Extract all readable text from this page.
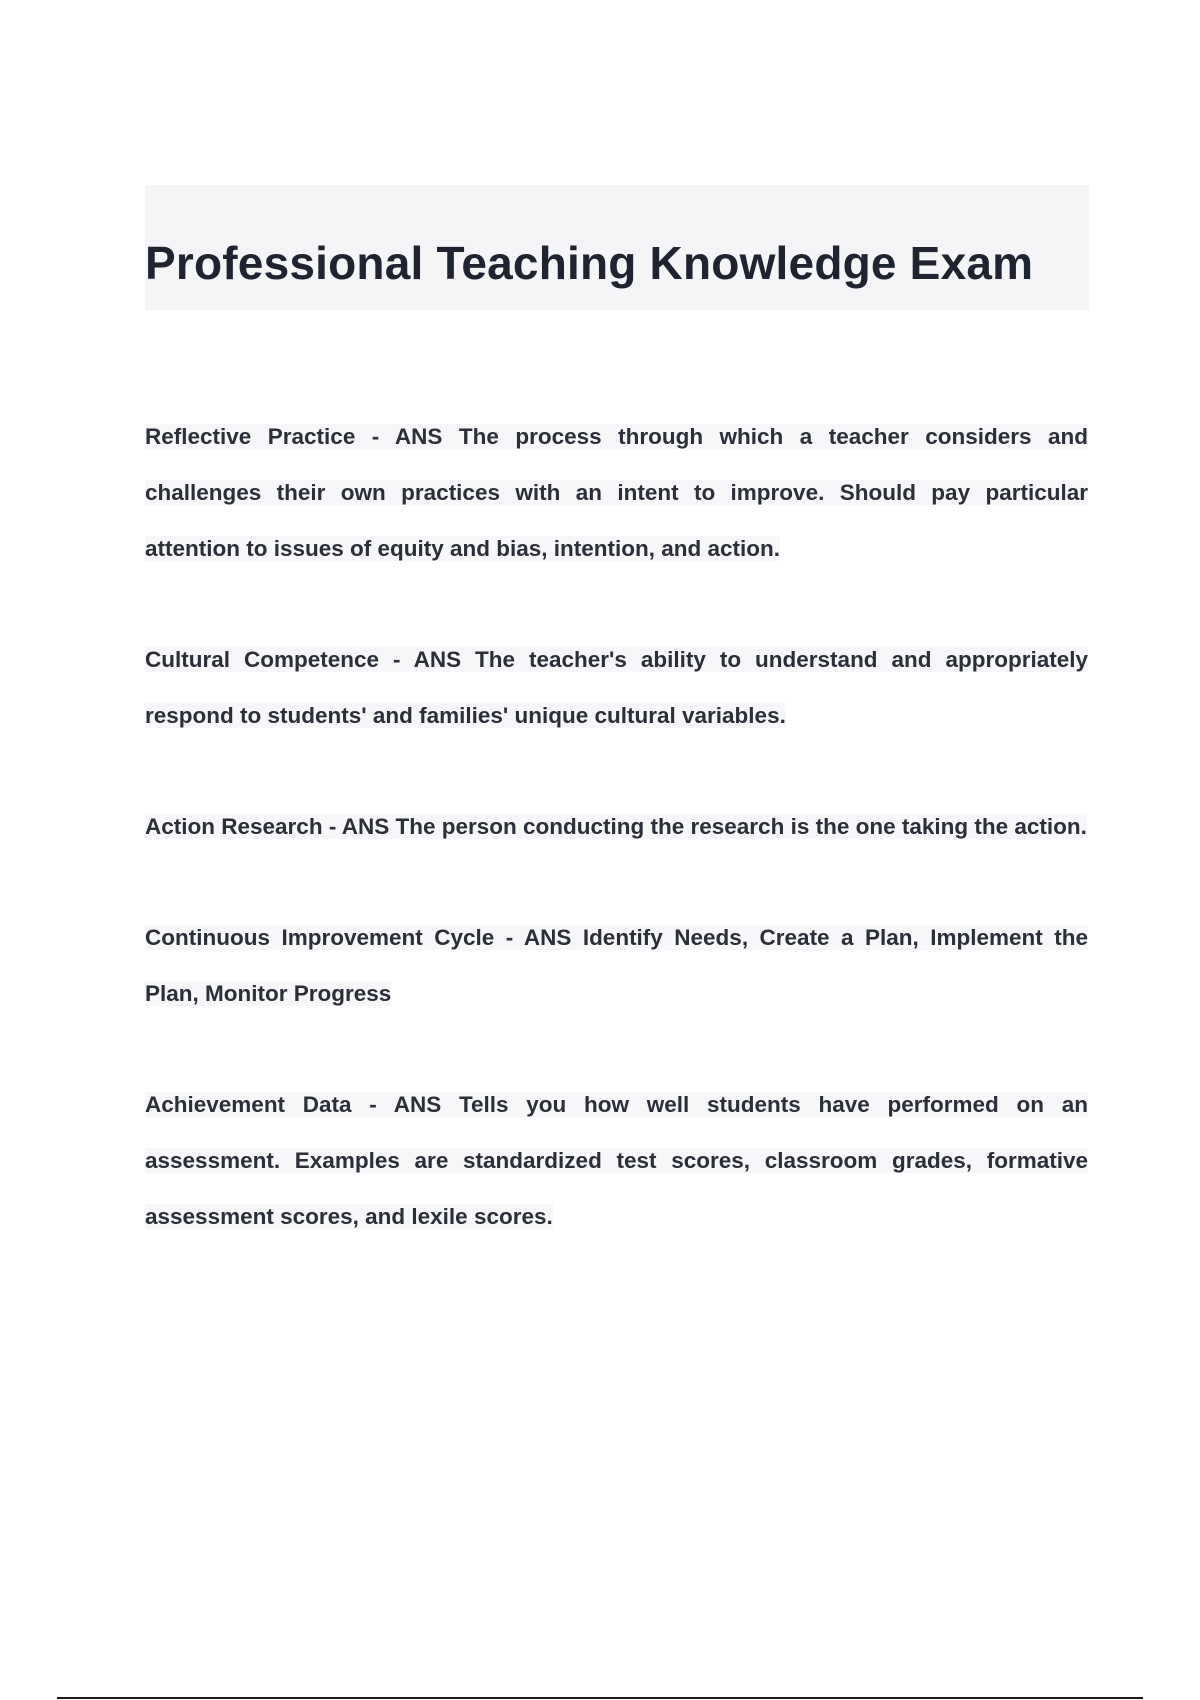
Professional Teaching Knowledge Exam

Reflective Practice - ANS The process through which a teacher considers and challenges their own practices with an intent to improve. Should pay particular attention to issues of equity and bias, intention, and action.

Cultural Competence - ANS The teacher's ability to understand and appropriately respond to students' and families' unique cultural variables.

Action Research - ANS The person conducting the research is the one taking the action.

Continuous Improvement Cycle - ANS Identify Needs, Create a Plan, Implement the Plan, Monitor Progress

Achievement Data - ANS Tells you how well students have performed on an assessment. Examples are standardized test scores, classroom grades, formative assessment scores, and lexile scores.
